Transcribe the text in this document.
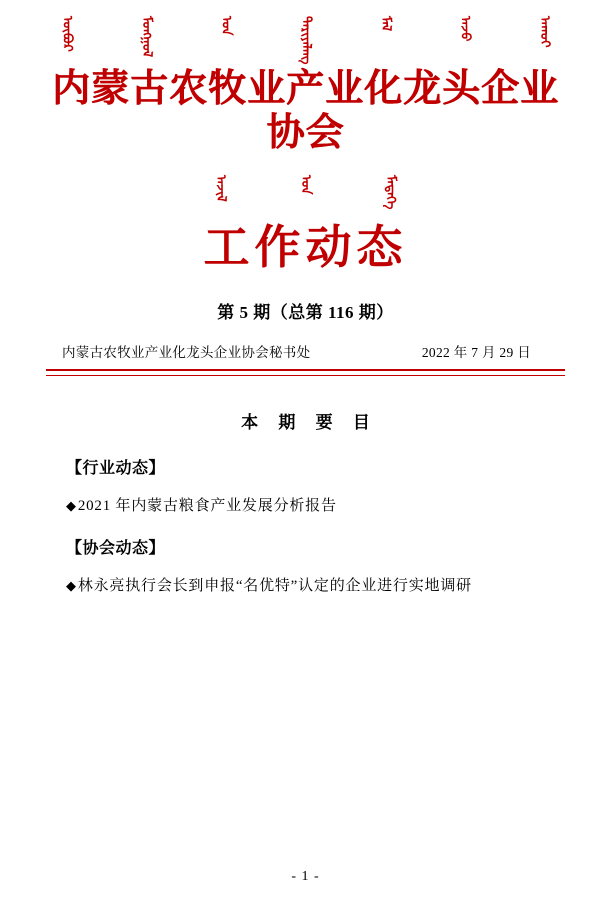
ᠥᠪᠥᠷ	ᠮᠣᠩᠭᠣᠯ	ᠤᠨ	ᠲᠠᠷᠢᠶᠠᠯᠠᠩ	ᠮᠠᠯ	ᠠᠵᠤ	ᠠᠬᠤᠢ
内蒙古农牧业产业化龙头企业协会
ᠠᠵᠢᠯ	ᠤᠨ	ᠮᠡᠳᠡᠭᠡ
工作动态
第 5 期（总第 116 期）
内蒙古农牧业产业化龙头企业协会秘书处	2022 年 7 月 29 日
本 期 要 目
【行业动态】
◆2021 年内蒙古粮食产业发展分析报告
【协会动态】
◆林永亮执行会长到申报“名优特”认定的企业进行实地调研
- 1 -
